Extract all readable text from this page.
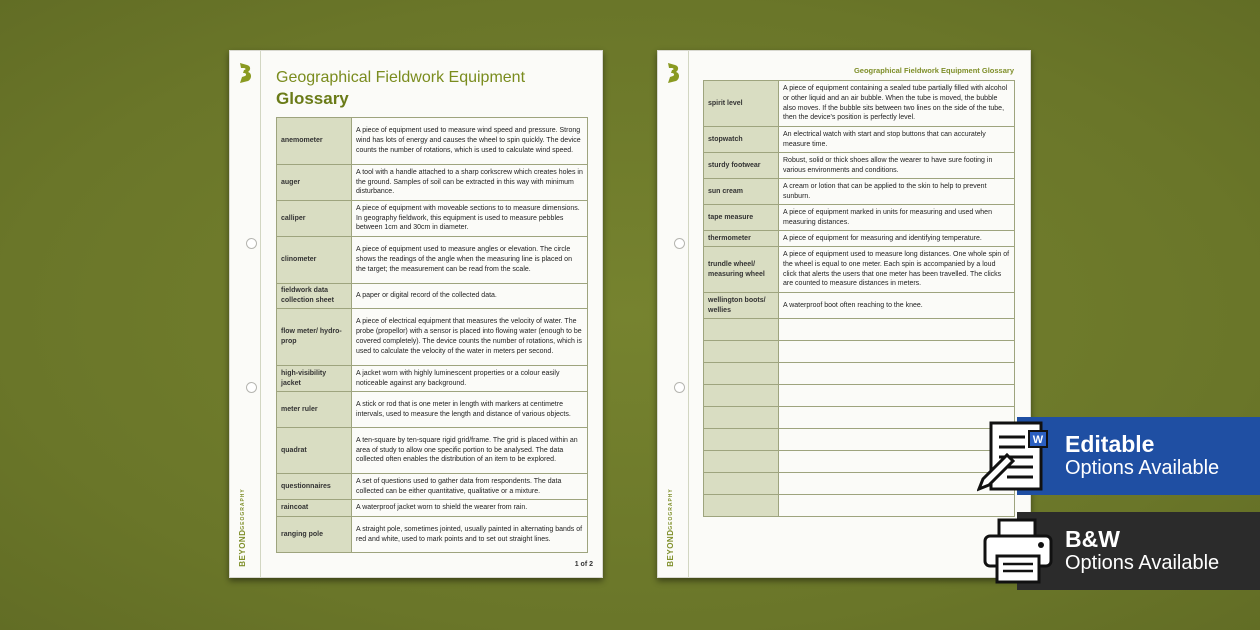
BEYONDGEOGRAPHY
Geographical Fieldwork Equipment
Glossary
anemometer	A piece of equipment used to measure wind speed and pressure. Strong wind has lots of energy and causes the wheel to spin quickly. The device counts the number of rotations, which is used to calculate wind speed.
auger	A tool with a handle attached to a sharp corkscrew which creates holes in the ground. Samples of soil can be extracted in this way with minimum disturbance.
calliper	A piece of equipment with moveable sections to to measure dimensions. In geography fieldwork, this equipment is used to measure pebbles between 1cm and 30cm in diameter.
clinometer	A piece of equipment used to measure angles or elevation. The circle shows the readings of the angle when the measuring line is placed on the target; the measurement can be read from the scale.
fieldwork data collection sheet	A paper or digital record of the collected data.
flow meter/ hydro-prop	A piece of electrical equipment that measures the velocity of water. The probe (propellor) with a sensor is placed into flowing water (enough to be covered completely). The device counts the number of rotations, which is used to calculate the velocity of the water in meters per second.
high-visibility jacket	A jacket worn with highly luminescent properties or a colour easily noticeable against any background.
meter ruler	A stick or rod that is one meter in length with markers at centimetre intervals, used to measure the length and distance of various objects.
quadrat	A ten-square by ten-square rigid grid/frame. The grid is placed within an area of study to allow one specific portion to be analysed. The data collected often enables the distribution of an item to be explored.
questionnaires	A set of questions used to gather data from respondents. The data collected can be either quantitative, qualitative or a mixture.
raincoat	A waterproof jacket worn to shield the wearer from rain.
ranging pole	A straight pole, sometimes jointed, usually painted in alternating bands of red and white, used to mark points and to set out straight lines.
1 of 2	BEYONDGEOGRAPHY
Geographical Fieldwork Equipment Glossary
spirit level	A piece of equipment containing a sealed tube partially filled with alcohol or other liquid and an air bubble. When the tube is moved, the bubble also moves. If the bubble sits between two lines on the side of the tube, then the device's position is perfectly level.
stopwatch	An electrical watch with start and stop buttons that can accurately measure time.
sturdy footwear	Robust, solid or thick shoes allow the wearer to have sure footing in various environments and conditions.
sun cream	A cream or lotion that can be applied to the skin to help to prevent sunburn.
tape measure	A piece of equipment marked in units for measuring and used when measuring distances.
thermometer	A piece of equipment for measuring and identifying temperature.
trundle wheel/ measuring wheel	A piece of equipment used to measure long distances. One whole spin of the wheel is equal to one meter. Each spin is accompanied by a loud click that alerts the users that one meter has been travelled. The clicks are counted to measure distances in meters.
wellington boots/ wellies	A waterproof boot often reaching to the knee.

W Editable
Options Available
B&W
Options Available
